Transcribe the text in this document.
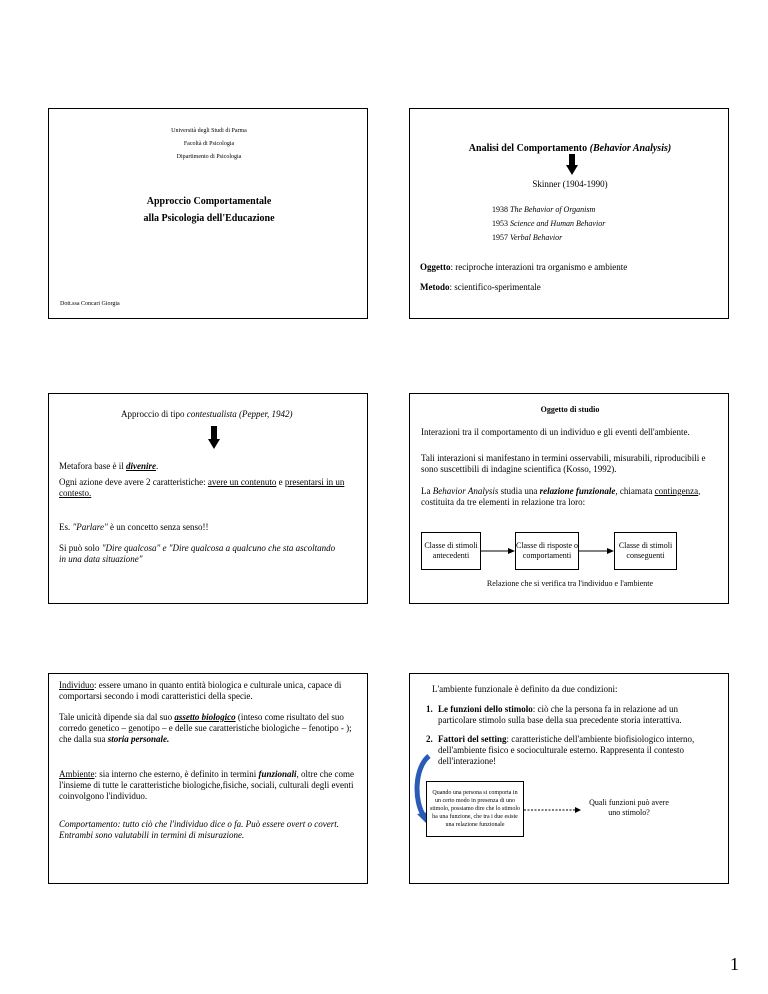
Università degli Studi di Parma
Facoltà di Psicologia
Dipartimento di Psicologia
Approccio Comportamentale
alla Psicologia dell'Educazione
Dott.ssa Concari Giorgia
Analisi del Comportamento (Behavior Analysis)
Skinner (1904-1990)
1938 The Behavior of Organism
1953 Science and Human Behavior
1957 Verbal Behavior
Oggetto: reciproche interazioni tra organismo e ambiente
Metodo: scientifico-sperimentale
Approccio di tipo contestualista (Pepper, 1942)
Metafora base è il divenire.
Ogni azione deve avere 2 caratteristiche: avere un contenuto e presentarsi in un contesto.
Es. "Parlare" è un concetto senza senso!!
Si può solo "Dire qualcosa" e "Dire qualcosa a qualcuno che sta ascoltando in una data situazione"
Oggetto di studio
Interazioni tra il comportamento di un individuo e gli eventi dell'ambiente.
Tali interazioni si manifestano in termini osservabili, misurabili, riproducibili e sono suscettibili di indagine scientifica (Kosso, 1992).
La Behavior Analysis studia una relazione funzionale, chiamata contingenza, costituita da tre elementi in relazione tra loro:
Classe di stimoli antecedenti
Classe di risposte o comportamenti
Classe di stimoli conseguenti
Relazione che si verifica tra l'individuo e l'ambiente
Individuo: essere umano in quanto entità biologica e culturale unica, capace di comportarsi secondo i modi caratteristici della specie.
Tale unicità dipende sia dal suo assetto biologico (inteso come risultato del suo corredo genetico – genotipo – e delle sue caratteristiche biologiche – fenotipo - ); che dalla sua storia personale.
Ambiente: sia interno che esterno, è definito in termini funzionali, oltre che come l'insieme di tutte le caratteristiche biologiche,fisiche, sociali, culturali degli eventi coinvolgono l'individuo.
Comportamento: tutto ciò che l'individuo dice o fa. Può essere overt o covert. Entrambi sono valutabili in termini di misurazione.
L'ambiente funzionale è definito da due condizioni:
1. Le funzioni dello stimolo: ciò che la persona fa in relazione ad un particolare stimolo sulla base della sua precedente storia interattiva.
2. Fattori del setting: caratteristiche dell'ambiente biofisiologico interno, dell'ambiente fisico e socioculturale esterno. Rappresenta il contesto dell'interazione!
Quando una persona si comporta in un certo modo in presenza di uno stimolo, possiamo dire che lo stimolo ha una funzione, che tra i due esiste una relazione funzionale
Quali funzioni può avere uno stimolo?
1
